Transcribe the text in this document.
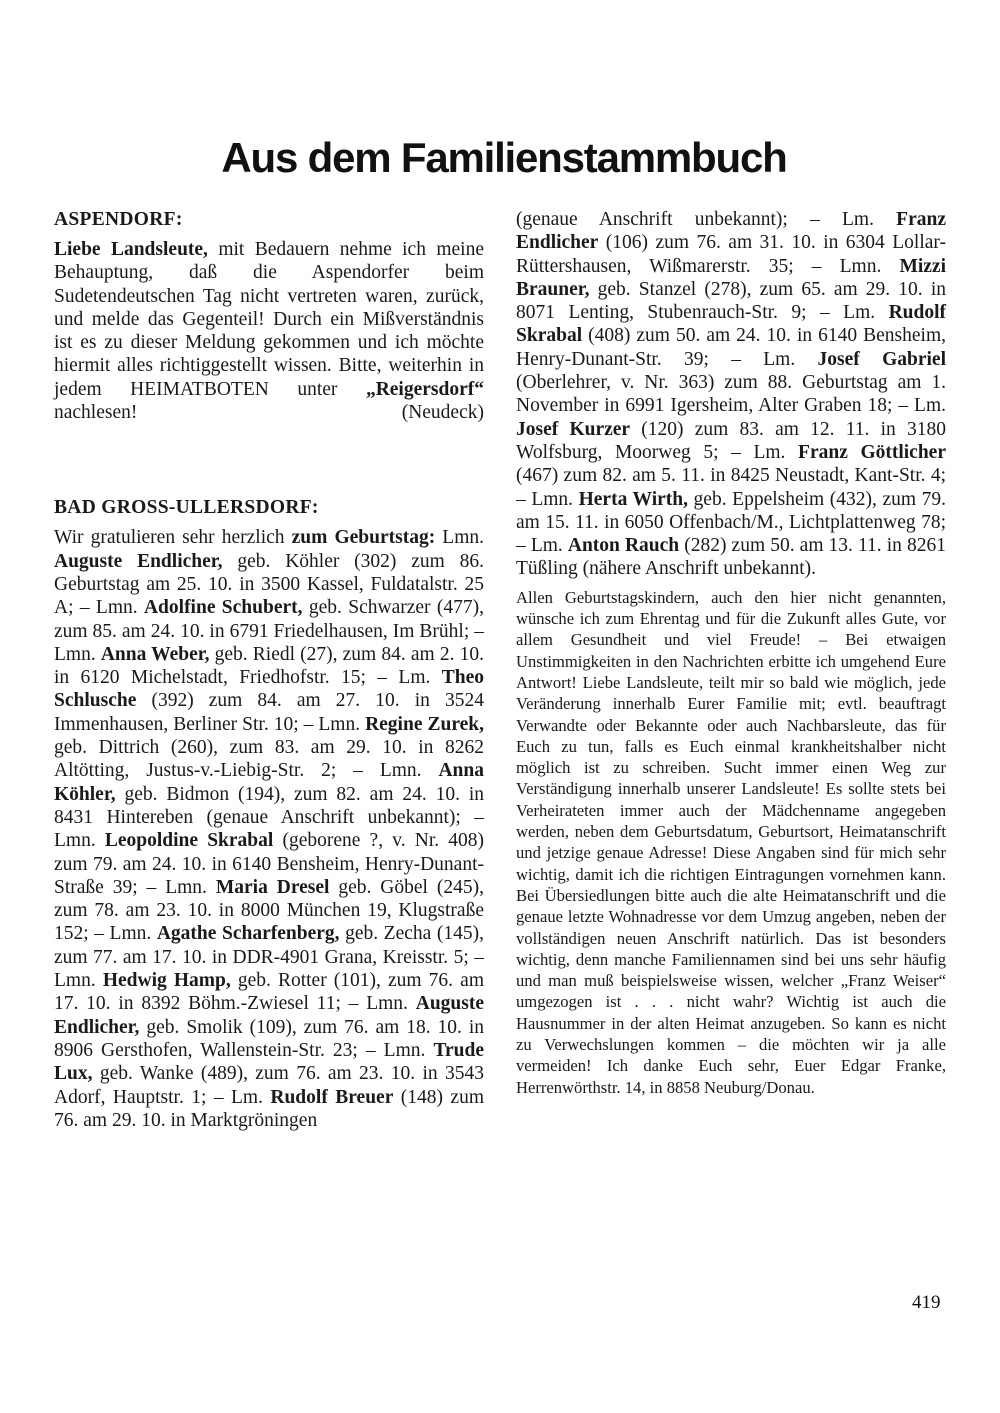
Aus dem Familienstammbuch
ASPENDORF:

Liebe Landsleute, mit Bedauern nehme ich meine Behauptung, daß die Aspendorfer beim Sudetendeutschen Tag nicht vertreten waren, zurück, und melde das Gegenteil! Durch ein Mißverständnis ist es zu dieser Meldung gekommen und ich möchte hiermit alles richtiggestellt wissen. Bitte, weiterhin in jedem HEIMATBOTEN unter „Reigersdorf“ nachlesen!	(Neudeck)

BAD GROSS-ULLERSDORF:

Wir gratulieren sehr herzlich zum Geburtstag: Lmn. Auguste Endlicher, geb. Köhler (302) zum 86. Geburtstag am 25. 10. in 3500 Kassel, Fuldatalstr. 25 A; – Lmn. Adolfine Schubert, geb. Schwarzer (477), zum 85. am 24. 10. in 6791 Friedelhausen, Im Brühl; – Lmn. Anna Weber, geb. Riedl (27), zum 84. am 2. 10. in 6120 Michelstadt, Friedhofstr. 15; – Lm. Theo Schlusche (392) zum 84. am 27. 10. in 3524 Immenhausen, Berliner Str. 10; – Lmn. Regine Zurek, geb. Dittrich (260), zum 83. am 29. 10. in 8262 Altötting, Justus-v.-Liebig-Str. 2; – Lmn. Anna Köhler, geb. Bidmon (194), zum 82. am 24. 10. in 8431 Hintereben (genaue Anschrift unbekannt); – Lmn. Leopoldine Skrabal (geborene ?, v. Nr. 408) zum 79. am 24. 10. in 6140 Bensheim, Henry-Dunant-Straße 39; – Lmn. Maria Dresel geb. Göbel (245), zum 78. am 23. 10. in 8000 München 19, Klugstraße 152; – Lmn. Agathe Scharfenberg, geb. Zecha (145), zum 77. am 17. 10. in DDR-4901 Grana, Kreisstr. 5; – Lmn. Hedwig Hamp, geb. Rotter (101), zum 76. am 17. 10. in 8392 Böhm.-Zwiesel 11; – Lmn. Auguste Endlicher, geb. Smolik (109), zum 76. am 18. 10. in 8906 Gersthofen, Wallenstein-Str. 23; – Lmn. Trude Lux, geb. Wanke (489), zum 76. am 23. 10. in 3543 Adorf, Hauptstr. 1; – Lm. Rudolf Breuer (148) zum 76. am 29. 10. in Marktgröningen

(genaue Anschrift unbekannt); – Lm. Franz Endlicher (106) zum 76. am 31. 10. in 6304 Lollar-Rüttershausen, Wißmarerstr. 35; – Lmn. Mizzi Brauner, geb. Stanzel (278), zum 65. am 29. 10. in 8071 Lenting, Stubenrauch-Str. 9; – Lm. Rudolf Skrabal (408) zum 50. am 24. 10. in 6140 Bensheim, Henry-Dunant-Str. 39; – Lm. Josef Gabriel (Oberlehrer, v. Nr. 363) zum 88. Geburtstag am 1. November in 6991 Igersheim, Alter Graben 18; – Lm. Josef Kurzer (120) zum 83. am 12. 11. in 3180 Wolfsburg, Moorweg 5; – Lm. Franz Göttlicher (467) zum 82. am 5. 11. in 8425 Neustadt, Kant-Str. 4; – Lmn. Herta Wirth, geb. Eppelsheim (432), zum 79. am 15. 11. in 6050 Offenbach/M., Lichtplattenweg 78; – Lm. Anton Rauch (282) zum 50. am 13. 11. in 8261 Tüßling (nähere Anschrift unbekannt).

Allen Geburtstagskindern, auch den hier nicht genannten, wünsche ich zum Ehrentag und für die Zukunft alles Gute, vor allem Gesundheit und viel Freude! – Bei etwaigen Unstimmigkeiten in den Nachrichten erbitte ich umgehend Eure Antwort! Liebe Landsleute, teilt mir so bald wie möglich, jede Veränderung innerhalb Eurer Familie mit; evtl. beauftragt Verwandte oder Bekannte oder auch Nachbarsleute, das für Euch zu tun, falls es Euch einmal krankheitshalber nicht möglich ist zu schreiben. Sucht immer einen Weg zur Verständigung innerhalb unserer Landsleute! Es sollte stets bei Verheirateten immer auch der Mädchenname angegeben werden, neben dem Geburtsdatum, Geburtsort, Heimatanschrift und jetzige genaue Adresse! Diese Angaben sind für mich sehr wichtig, damit ich die richtigen Eintragungen vornehmen kann. Bei Übersiedlungen bitte auch die alte Heimatanschrift und die genaue letzte Wohnadresse vor dem Umzug angeben, neben der vollständigen neuen Anschrift natürlich. Das ist besonders wichtig, denn manche Familiennamen sind bei uns sehr häufig und man muß beispielsweise wissen, welcher „Franz Weiser“ umgezogen ist . . . nicht wahr? Wichtig ist auch die Hausnummer in der alten Heimat anzugeben. So kann es nicht zu Verwechslungen kommen – die möchten wir ja alle vermeiden! Ich danke Euch sehr, Euer Edgar Franke, Herrenwörthstr. 14, in 8858 Neuburg/Donau.

419
